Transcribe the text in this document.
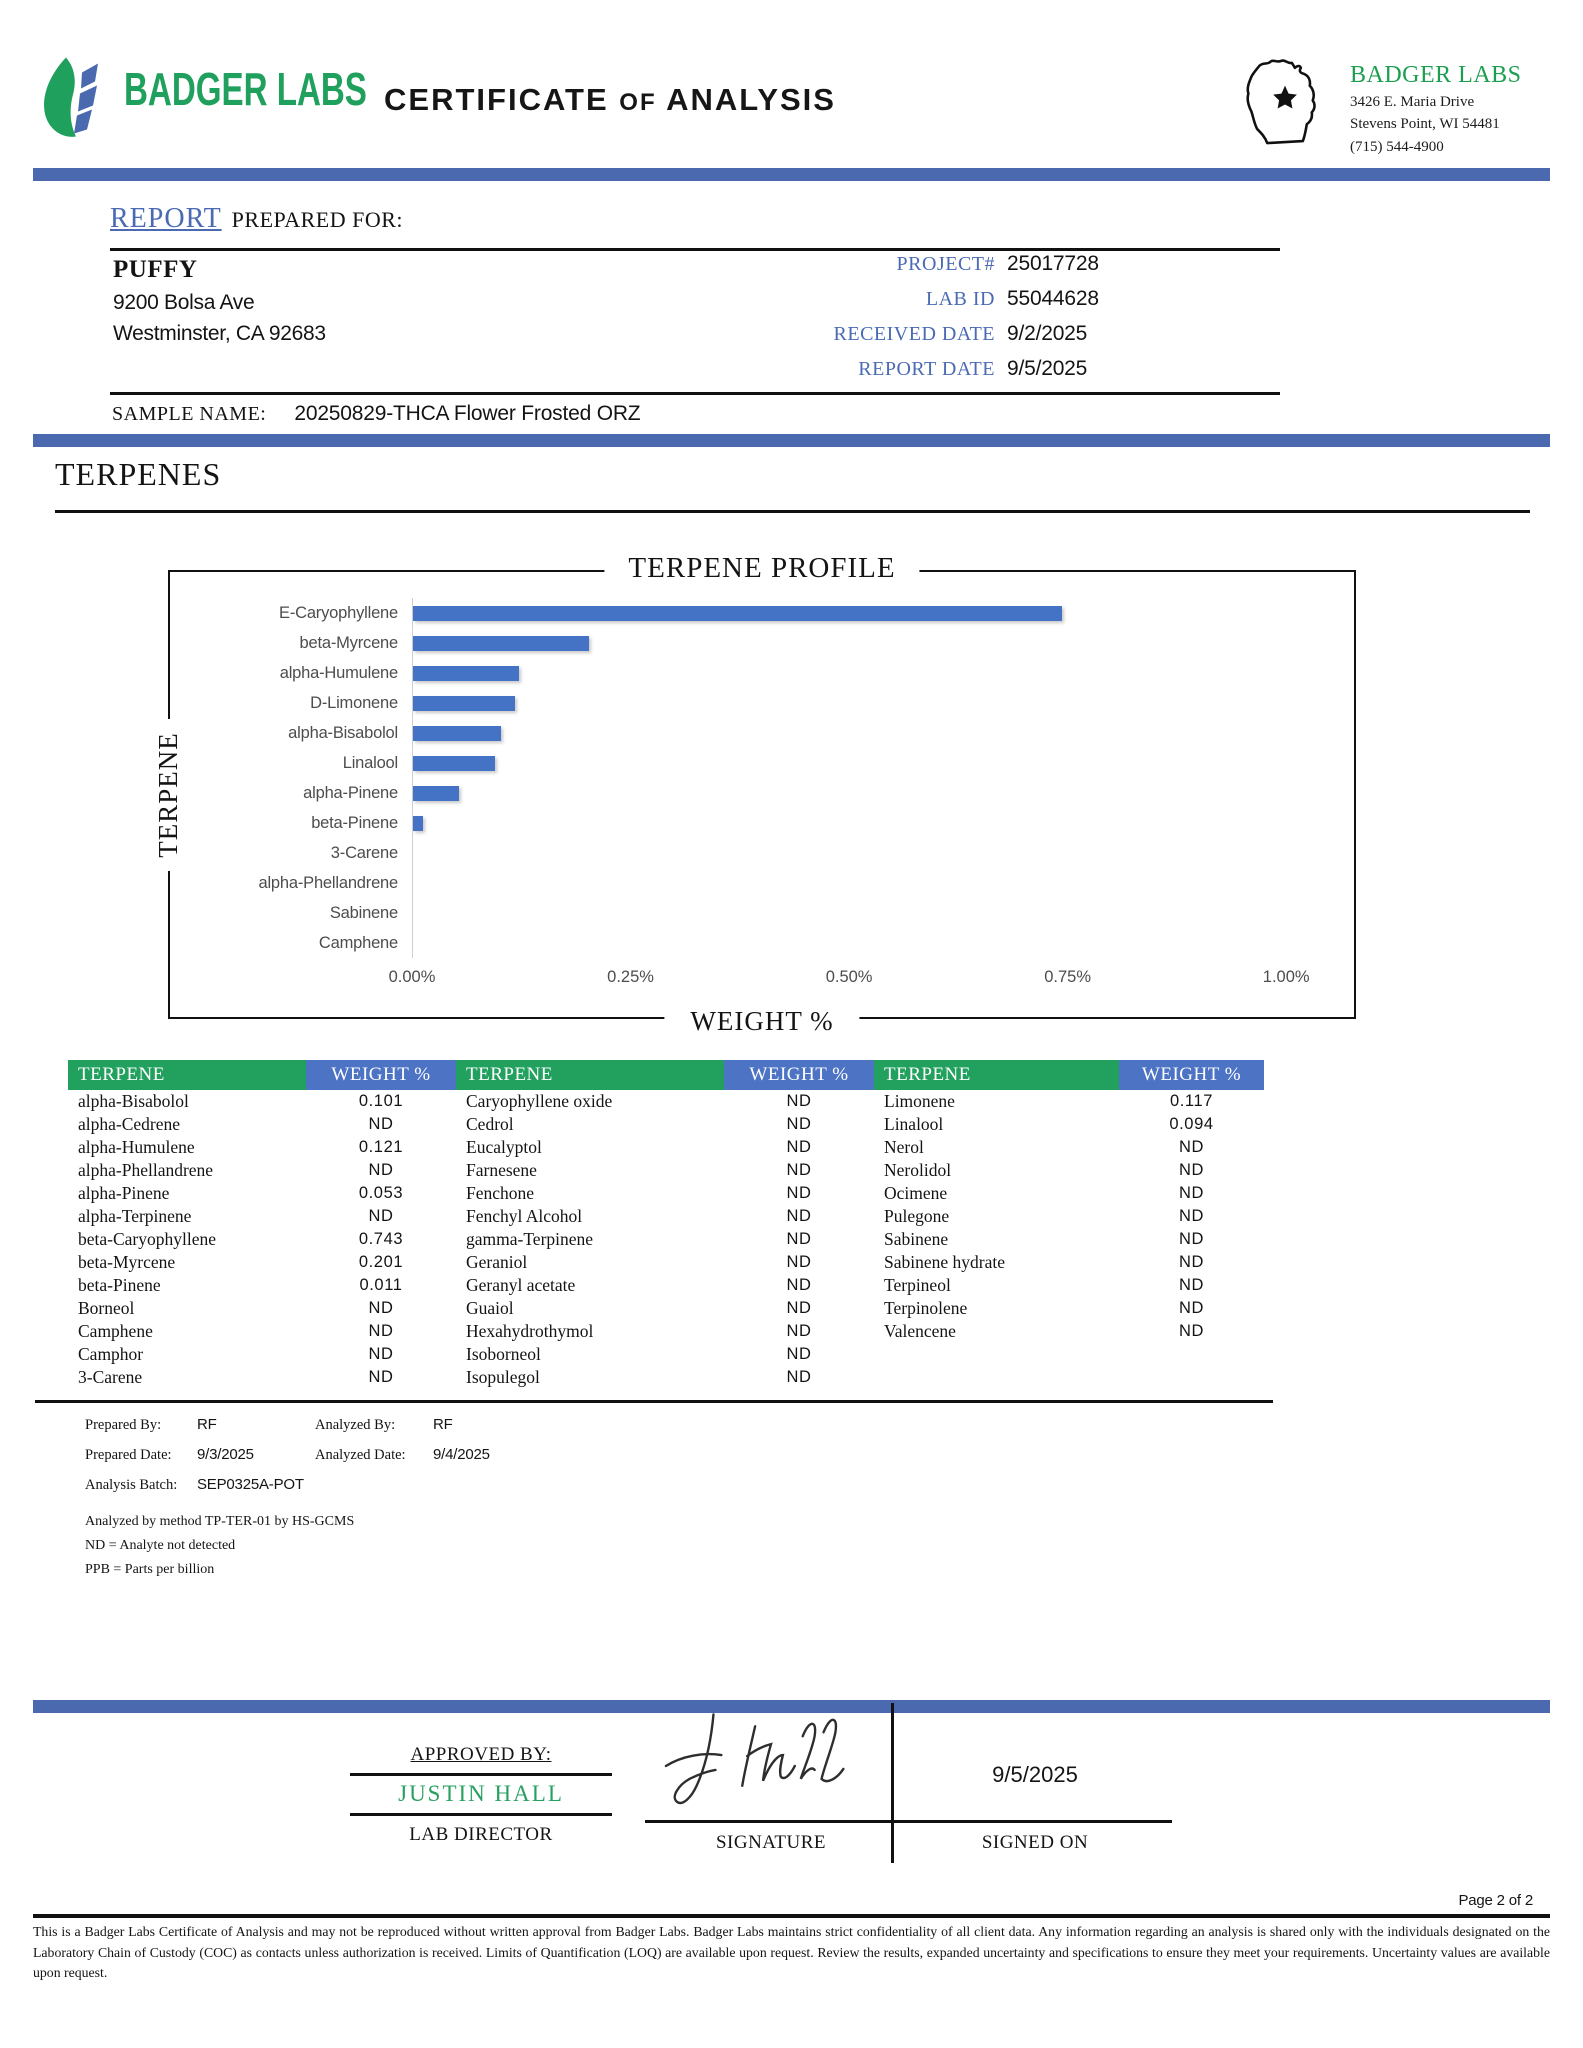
BADGER LABS CERTIFICATE OF ANALYSIS
BADGER LABS
3426 E. Maria Drive
Stevens Point, WI 54481
(715) 544-4900
REPORT PREPARED FOR:
PUFFY
9200 Bolsa Ave
Westminster, CA 92683
PROJECT# 25017728
LAB ID 55044628
RECEIVED DATE 9/2/2025
REPORT DATE 9/5/2025
SAMPLE NAME: 20250829-THCA Flower Frosted ORZ
TERPENES
TERPENE PROFILE
TERPENE
WEIGHT %
E-Caryophyllene
beta-Myrcene
alpha-Humulene
D-Limonene
alpha-Bisabolol
Linalool
alpha-Pinene
beta-Pinene
3-Carene
alpha-Phellandrene
Sabinene
Camphene
0.00%	0.25%	0.50%	0.75%	1.00%
TERPENE	WEIGHT %
alpha-Bisabolol	0.101
alpha-Cedrene	ND
alpha-Humulene	0.121
alpha-Phellandrene	ND
alpha-Pinene	0.053
alpha-Terpinene	ND
beta-Caryophyllene	0.743
beta-Myrcene	0.201
beta-Pinene	0.011
Borneol	ND
Camphene	ND
Camphor	ND
3-Carene	ND
TERPENE	WEIGHT %
Caryophyllene oxide	ND
Cedrol	ND
Eucalyptol	ND
Farnesene	ND
Fenchone	ND
Fenchyl Alcohol	ND
gamma-Terpinene	ND
Geraniol	ND
Geranyl acetate	ND
Guaiol	ND
Hexahydrothymol	ND
Isoborneol	ND
Isopulegol	ND
TERPENE	WEIGHT %
Limonene	0.117
Linalool	0.094
Nerol	ND
Nerolidol	ND
Ocimene	ND
Pulegone	ND
Sabinene	ND
Sabinene hydrate	ND
Terpineol	ND
Terpinolene	ND
Valencene	ND
Prepared By: RF	Analyzed By:	RF
Prepared Date: 9/3/2025	Analyzed Date: 9/4/2025
Analysis Batch: SEP0325A-POT
Analyzed by method TP-TER-01 by HS-GCMS
ND = Analyte not detected
PPB = Parts per billion
APPROVED BY:
JUSTIN HALL
LAB DIRECTOR	SIGNATURE
9/5/2025
SIGNED ON
Page 2 of 2
This is a Badger Labs Certificate of Analysis and may not be reproduced without written approval from Badger Labs. Badger Labs maintains strict confidentiality of all client data. Any information regarding an analysis is shared only with the individuals designated on the Laboratory Chain of Custody (COC) as contacts unless authorization is received. Limits of Quantification (LOQ) are available upon request. Review the results, expanded uncertainty and specifications to ensure they meet your requirements. Uncertainty values are available upon request.
